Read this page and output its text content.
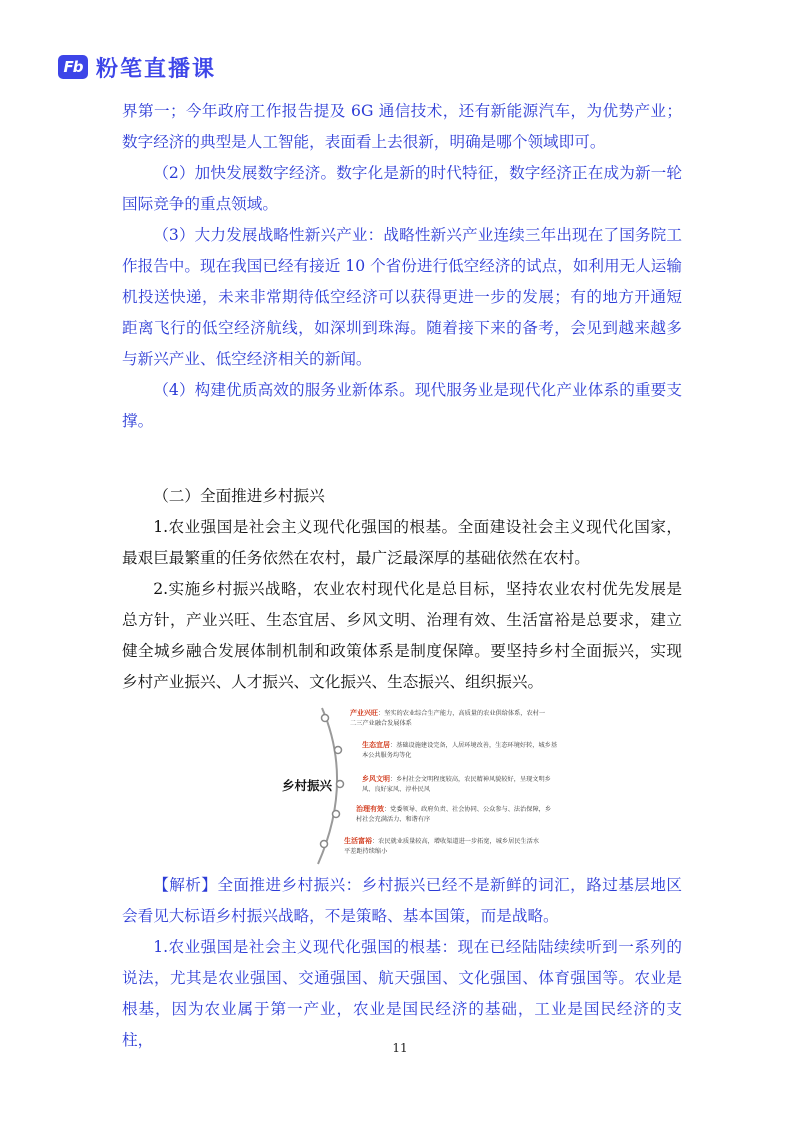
Fb 粉笔直播课

界第一；今年政府工作报告提及 6G 通信技术，还有新能源汽车，为优势产业；数字经济的典型是人工智能，表面看上去很新，明确是哪个领域即可。

（2）加快发展数字经济。数字化是新的时代特征，数字经济正在成为新一轮国际竞争的重点领域。

（3）大力发展战略性新兴产业：战略性新兴产业连续三年出现在了国务院工作报告中。现在我国已经有接近 10 个省份进行低空经济的试点，如利用无人运输机投送快递，未来非常期待低空经济可以获得更进一步的发展；有的地方开通短距离飞行的低空经济航线，如深圳到珠海。随着接下来的备考，会见到越来越多与新兴产业、低空经济相关的新闻。

（4）构建优质高效的服务业新体系。现代服务业是现代化产业体系的重要支撑。

（二）全面推进乡村振兴

1.农业强国是社会主义现代化强国的根基。全面建设社会主义现代化国家，最艰巨最繁重的任务依然在农村，最广泛最深厚的基础依然在农村。

2.实施乡村振兴战略，农业农村现代化是总目标，坚持农业农村优先发展是总方针，产业兴旺、生态宜居、乡风文明、治理有效、生活富裕是总要求，建立健全城乡融合发展体制机制和政策体系是制度保障。要坚持乡村全面振兴，实现乡村产业振兴、人才振兴、文化振兴、生态振兴、组织振兴。

乡村振兴
产业兴旺：坚实的农业综合生产能力，高质量的农业供给体系，农村一二三产业融合发展体系
生态宜居：基础设施建设完备，人居环境改善，生态环境好转，城乡基本公共服务均等化
乡风文明：乡村社会文明程度较高，农民精神风貌较好，呈现文明乡风、良好家风、淳朴民风
治理有效：党委领导、政府负责、社会协同、公众参与、法治保障，乡村社会充满活力、和谐有序
生活富裕：农民就业质量较高，增收渠道进一步拓宽，城乡居民生活水平差距持续缩小

【解析】全面推进乡村振兴：乡村振兴已经不是新鲜的词汇，路过基层地区会看见大标语乡村振兴战略，不是策略、基本国策，而是战略。

1.农业强国是社会主义现代化强国的根基：现在已经陆陆续续听到一系列的说法，尤其是农业强国、交通强国、航天强国、文化强国、体育强国等。农业是根基，因为农业属于第一产业，农业是国民经济的基础，工业是国民经济的支柱，	11
